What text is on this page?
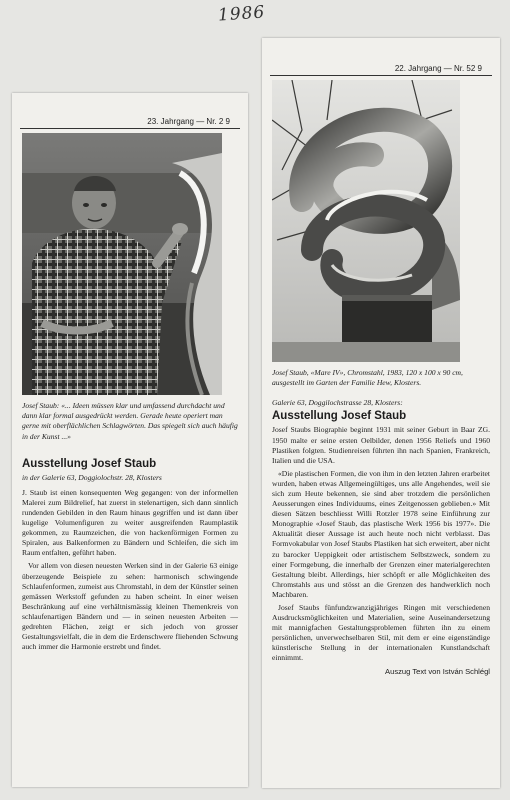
1986
23. Jahrgang — Nr. 2 9
Josef Staub: «... Ideen müssen klar und umfassend durchdacht und dann klar formal ausgedrückt werden. Gerade heute operiert man gerne mit oberflächlichen Schlagwörten. Das spiegelt sich auch häufig in der Kunst ...»
Ausstellung Josef Staub
in der Galerie 63, Doggiolochstr. 28, Klosters

J. Staub ist einen konsequenten Weg gegangen: von der informellen Malerei zum Bildrelief, hat zuerst in stelenartigen, sich dann sinnlich rundenden Gebilden in den Raum hinaus gegriffen und ist dann über kugelige Volumenfiguren zu weiter ausgreifenden Raumplastik gekommen, zu Raumzeichen, die von hackenförmigen Formen zu Spiralen, aus Balkenformen zu Bändern und Schleifen, die sich im Raum entfalten, geführt haben.

Vor allem von diesen neuesten Werken sind in der Galerie 63 einige überzeugende Beispiele zu sehen: harmonisch schwingende Schlaufenformen, zumeist aus Chromstahl, in dem der Künstler seinen gemässen Werkstoff gefunden zu haben scheint. In einer weisen Beschränkung auf eine verhältnismässig kleinen Themenkreis von schlaufenartigen Bändern und — in seinen neuesten Arbeiten — gedrehten Flächen, zeigt er sich jedoch von grosser Gestaltungsvielfalt, die in dem die Erdenschwere fliehenden Schwung auch immer die Harmonie erstrebt und findet.

22. Jahrgang — Nr. 52 9
Josef Staub, «Mare IV», Chromstahl, 1983, 120 x 100 x 90 cm, ausgestellt im Garten der Familie Hew, Klosters.
Galerie 63, Doggilochstrasse 28, Klosters:
Ausstellung Josef Staub

Josef Staubs Biographie beginnt 1931 mit seiner Geburt in Baar ZG. 1950 malte er seine ersten Oelbilder, denen 1956 Reliefs und 1960 Plastiken folgten. Studienreisen führten ihn nach Spanien, Frankreich, Italien und die USA.

«Die plastischen Formen, die von ihm in den letzten Jahren erarbeitet wurden, haben etwas Allgemeingültiges, uns alle Angehendes, weil sie sich zum Heute bekennen, sie sind aber trotzdem die persönlichen Aeusserungen eines Individuums, eines Zeitgenossen geblieben.» Mit diesen Sätzen beschliesst Willi Rotzler 1978 seine Einführung zur Monographie «Josef Staub, das plastische Werk 1956 bis 1977». Die Aktualität dieser Aussage ist auch heute noch nicht verblasst. Das Formvokabular von Josef Staubs Plastiken hat sich erweitert, aber nicht zu barocker Ueppigkeit oder artistischem Selbstzweck, sondern zu einer Formgebung, die innerhalb der Grenzen einer materialgerechten Gestaltung bleibt. Allerdings, hier schöpft er alle Möglichkeiten des Chromstahls aus und stösst an die Grenzen des handwerklich noch Machbaren.

Josef Staubs fünfundzwanzigjähriges Ringen mit verschiedenen Ausdrucksmöglichkeiten und Materialien, seine Auseinandersetzung mit mannigfachen Gestaltungsproblemen führten ihn zu einem persönlichen, unverwechselbaren Stil, mit dem er eine eigenständige künstlerische Stellung in der internationalen Kunstlandschaft einnimmt.

Auszug Text von István Schlégl
